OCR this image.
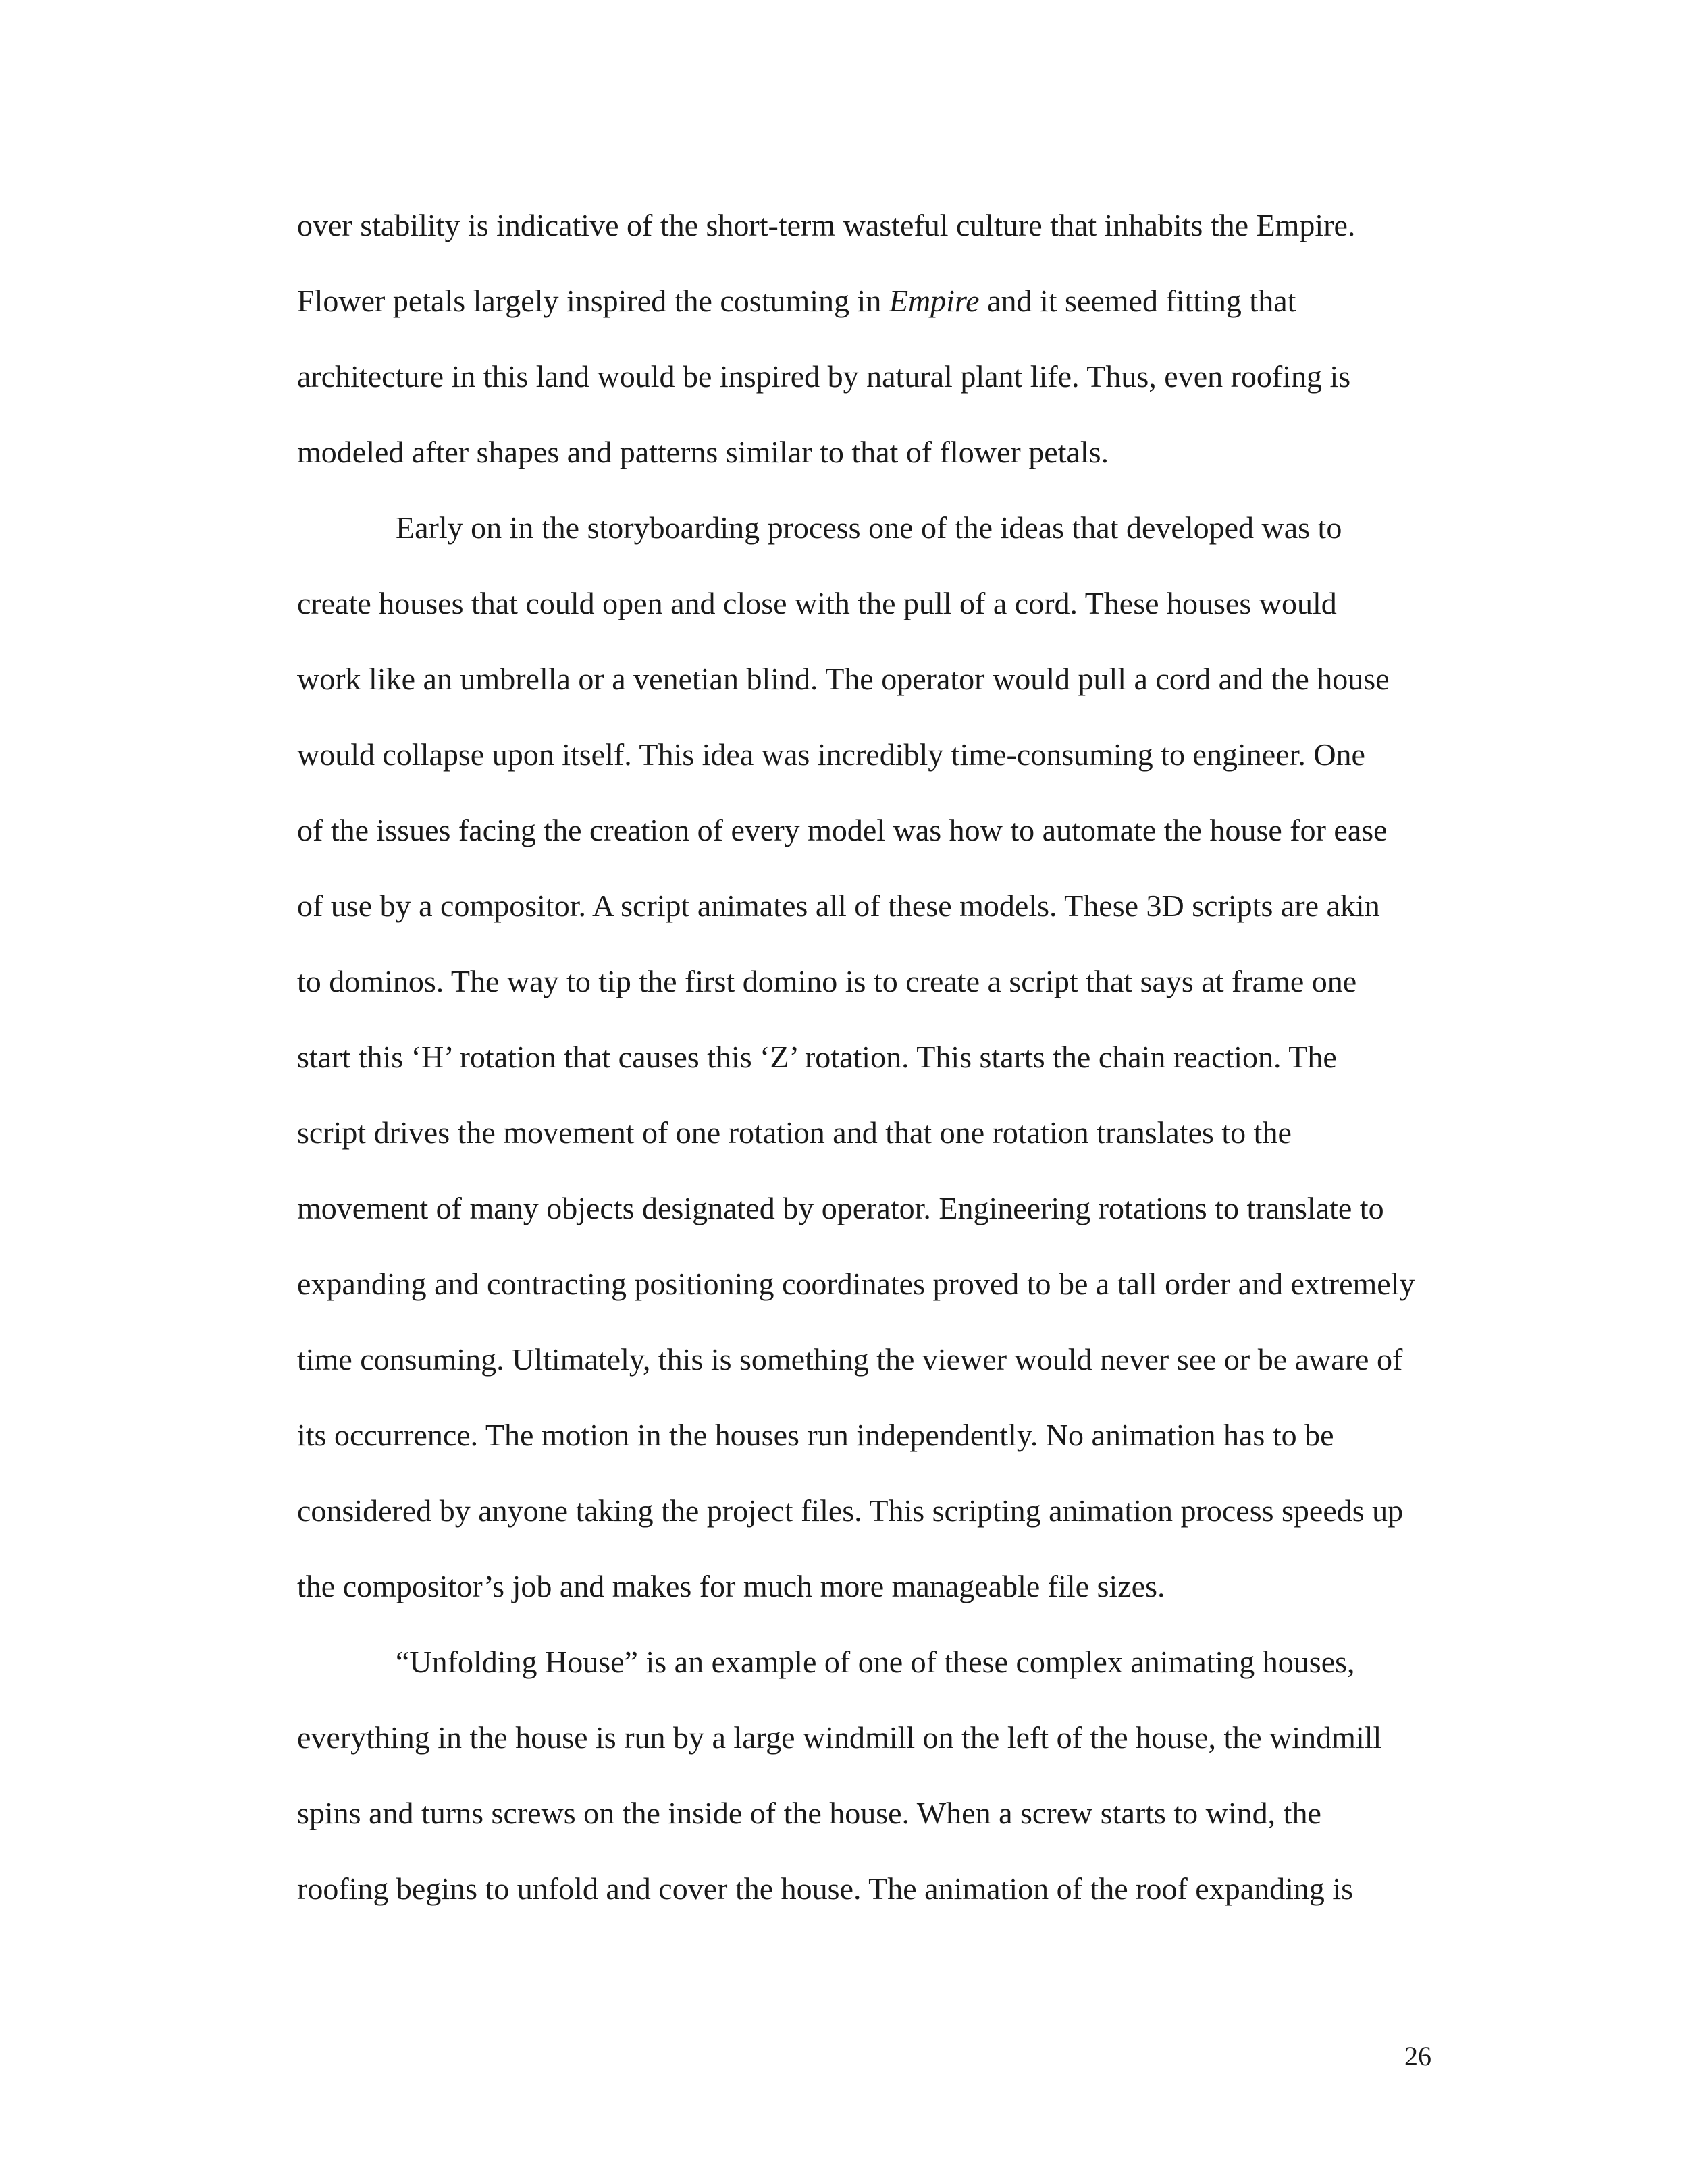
over stability is indicative of the short-term wasteful culture that inhabits the Empire.
Flower petals largely inspired the costuming in Empire and it seemed fitting that
architecture in this land would be inspired by natural plant life. Thus, even roofing is
modeled after shapes and patterns similar to that of flower petals.
Early on in the storyboarding process one of the ideas that developed was to
create houses that could open and close with the pull of a cord. These houses would
work like an umbrella or a venetian blind. The operator would pull a cord and the house
would collapse upon itself. This idea was incredibly time-consuming to engineer. One
of the issues facing the creation of every model was how to automate the house for ease
of use by a compositor. A script animates all of these models. These 3D scripts are akin
to dominos. The way to tip the first domino is to create a script that says at frame one
start this ‘H’ rotation that causes this ‘Z’ rotation. This starts the chain reaction. The
script drives the movement of one rotation and that one rotation translates to the
movement of many objects designated by operator. Engineering rotations to translate to
expanding and contracting positioning coordinates proved to be a tall order and extremely
time consuming. Ultimately, this is something the viewer would never see or be aware of
its occurrence. The motion in the houses run independently. No animation has to be
considered by anyone taking the project files. This scripting animation process speeds up
the compositor’s job and makes for much more manageable file sizes.
“Unfolding House” is an example of one of these complex animating houses,
everything in the house is run by a large windmill on the left of the house, the windmill
spins and turns screws on the inside of the house. When a screw starts to wind, the
roofing begins to unfold and cover the house. The animation of the roof expanding is
26
